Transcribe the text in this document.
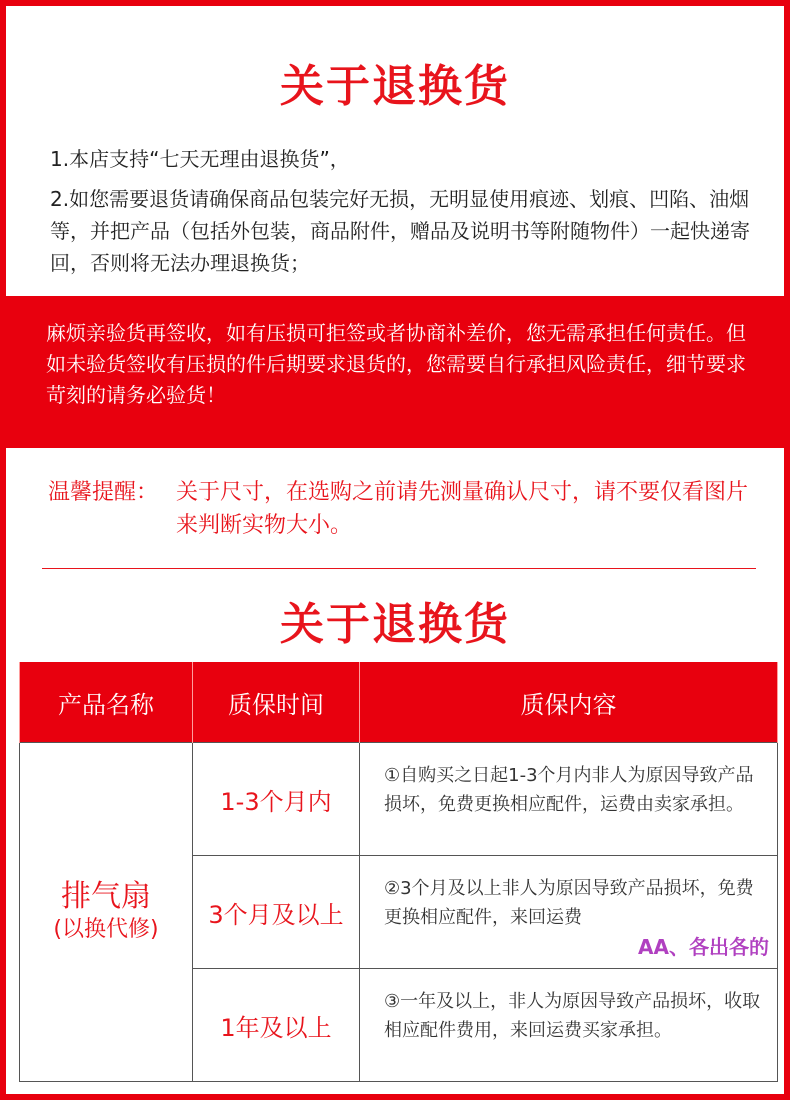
关于退换货
1.本店支持“七天无理由退换货”，
2.如您需要退货请确保商品包装完好无损，无明显使用痕迹、划痕、凹陷、油烟等，并把产品（包括外包装，商品附件，赠品及说明书等附随物件）一起快递寄回，否则将无法办理退换货；
麻烦亲验货再签收，如有压损可拒签或者协商补差价，您无需承担任何责任。但如未验货签收有压损的件后期要求退货的，您需要自行承担风险责任，细节要求苛刻的请务必验货！
温馨提醒： 关于尺寸，在选购之前请先测量确认尺寸，请不要仅看图片来判断实物大小。
关于退换货
产品名称	质保时间	质保内容

排气扇
(以换代修)	1-3个月内	①自购买之日起1-3个月内非人为原因导致产品损坏，免费更换相应配件，运费由卖家承担。
	3个月及以上	②3个月及以上非人为原因导致产品损坏，免费更换相应配件，来回运费
AA、各出各的

	1年及以上	③一年及以上，非人为原因导致产品损坏，收取相应配件费用，来回运费买家承担。
